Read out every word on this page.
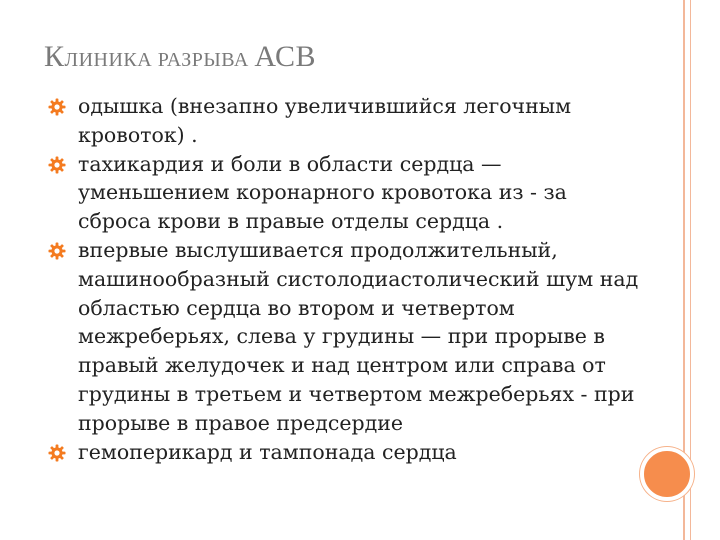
КЛИНИКА РАЗРЫВА АСВ
одышка (внезапно увеличившийся легочным кровоток) .
тахикардия и боли в области сердца — уменьшением коронарного кровотока из - за сброса крови в правые отделы сердца .
впервые выслушивается продолжительный, машинообразный систолодиастолический шум над областью сердца во втором и четвертом межреберьях, слева у грудины — при прорыве в правый желудочек и над центром или справа от грудины в третьем и четвертом межреберьях - при прорыве в правое предсердие
гемоперикард и тампонада сердца
